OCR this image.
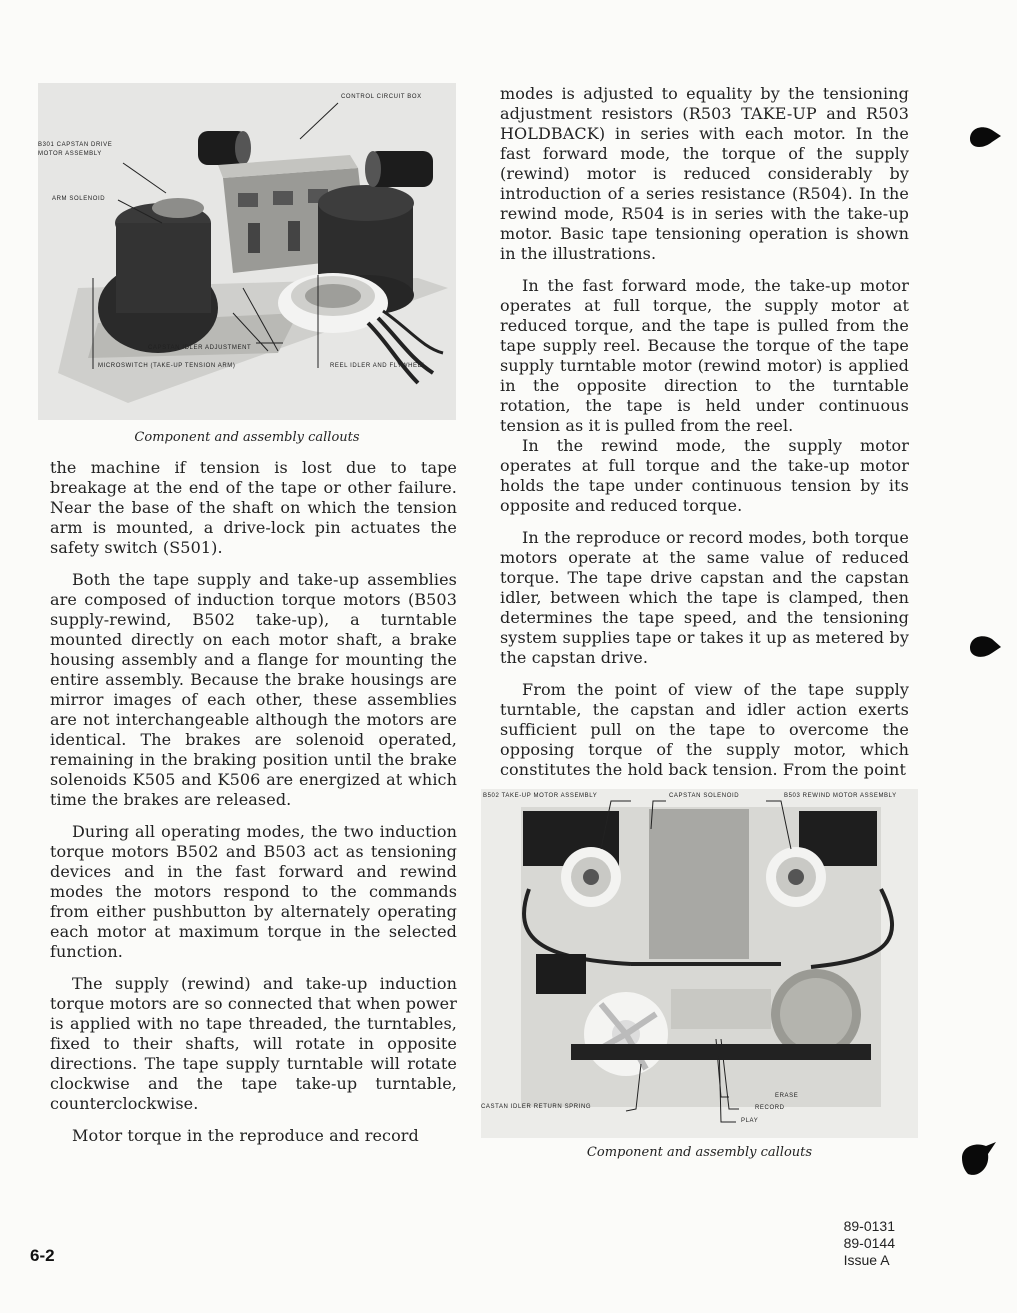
CONTROL CIRCUIT BOX
B301 CAPSTAN DRIVE
MOTOR ASSEMBLY
ARM SOLENOID
CAPSTAN IDLER ADJUSTMENT
MICROSWITCH (TAKE-UP TENSION ARM)	REEL IDLER AND FLYWHEEL
Component and assembly callouts

the machine if tension is lost due to tape breakage at the end of the tape or other failure. Near the base of the shaft on which the tension arm is mounted, a drive-lock pin actuates the safety switch (S501).

Both the tape supply and take-up assemblies are composed of induction torque motors (B503 supply-rewind, B502 take-up), a turntable mounted directly on each motor shaft, a brake housing assembly and a flange for mounting the entire assembly. Because the brake housings are mirror images of each other, these assemblies are not interchangeable although the motors are identical. The brakes are solenoid operated, remaining in the braking position until the brake solenoids K505 and K506 are energized at which time the brakes are released.

During all operating modes, the two induction torque motors B502 and B503 act as tensioning devices and in the fast forward and rewind modes the motors respond to the commands from either pushbutton by alternately operating each motor at maximum torque in the selected function.

The supply (rewind) and take-up induction torque motors are so connected that when power is applied with no tape threaded, the turntables, fixed to their shafts, will rotate in opposite directions. The tape supply turntable will rotate clockwise and the tape take-up turntable, counterclockwise.

Motor torque in the reproduce and record

modes is adjusted to equality by the tensioning adjustment resistors (R503 TAKE-UP and R503 HOLDBACK) in series with each motor. In the fast forward mode, the torque of the supply (rewind) motor is reduced considerably by introduction of a series resistance (R504). In the rewind mode, R504 is in series with the take-up motor. Basic tape tensioning operation is shown in the illustrations.

In the fast forward mode, the take-up motor operates at full torque, the supply motor at reduced torque, and the tape is pulled from the tape supply reel. Because the torque of the tape supply turntable motor (rewind motor) is applied in the opposite direction to the turntable rotation, the tape is held under continuous tension as it is pulled from the reel.

In the rewind mode, the supply motor operates at full torque and the take-up motor holds the tape under continuous tension by its opposite and reduced torque.

In the reproduce or record modes, both torque motors operate at the same value of reduced torque. The tape drive capstan and the capstan idler, between which the tape is clamped, then determines the tape speed, and the tensioning system supplies tape or takes it up as metered by the capstan drive.

From the point of view of the tape supply turntable, the capstan and idler action exerts sufficient pull on the tape to overcome the opposing torque of the supply motor, which constitutes the hold back tension. From the point

B502 TAKE-UP MOTOR ASSEMBLY	CAPSTAN SOLENOID	B503 REWIND MOTOR ASSEMBLY
CASTAN IDLER RETURN SPRING
ERASE
RECORD
PLAY
Component and assembly callouts
6-2
89-0131
89-0144
Issue A
